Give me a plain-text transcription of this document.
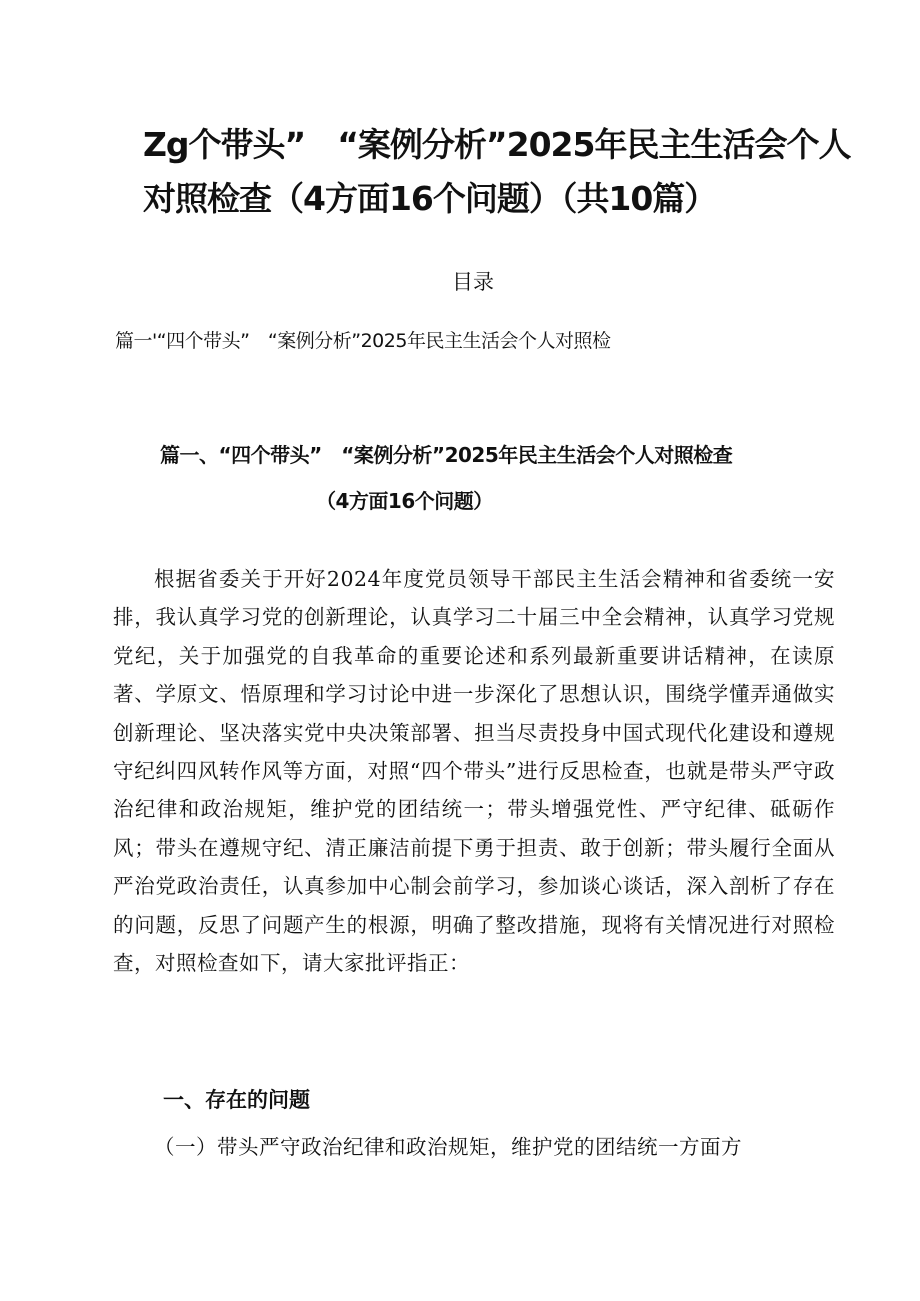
Zg个带头”　“案例分析”2025年民主生活会个人
对照检查（4方面16个问题）（共10篇）
目录
篇一'“四个带头”　“案例分析”2025年民主生活会个人对照检
篇一、“四个带头”　“案例分析”2025年民主生活会个人对照检查
（4方面16个问题）

根据省委关于开好2024年度党员领导干部民主生活会精神和省委统一安排，我认真学习党的创新理论，认真学习二十届三中全会精神，认真学习党规党纪，关于加强党的自我革命的重要论述和系列最新重要讲话精神，在读原著、学原文、悟原理和学习讨论中进一步深化了思想认识，围绕学懂弄通做实创新理论、坚决落实党中央决策部署、担当尽责投身中国式现代化建设和遵规守纪纠四风转作风等方面，对照“四个带头”进行反思检查，也就是带头严守政治纪律和政治规矩，维护党的团结统一；带头增强党性、严守纪律、砥砺作风；带头在遵规守纪、清正廉洁前提下勇于担责、敢于创新；带头履行全面从严治党政治责任，认真参加中心制会前学习，参加谈心谈话，深入剖析了存在的问题，反思了问题产生的根源，明确了整改措施，现将有关情况进行对照检查，对照检查如下，请大家批评指正：

一、存在的问题

（一）带头严守政治纪律和政治规矩，维护党的团结统一方面方
